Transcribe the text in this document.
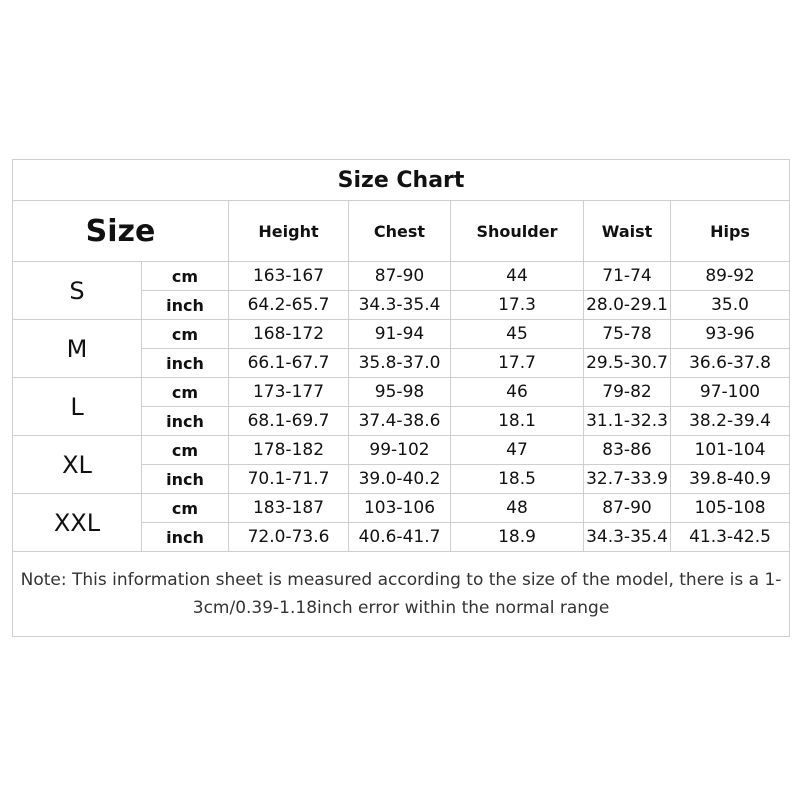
Size Chart						
Size		Height	Chest	Shoulder	Waist	Hips
S	cm	163-167	87-90	44	71-74	89-92
	inch	64.2-65.7	34.3-35.4	17.3	28.0-29.1	35.0
M	cm	168-172	91-94	45	75-78	93-96
	inch	66.1-67.7	35.8-37.0	17.7	29.5-30.7	36.6-37.8
L	cm	173-177	95-98	46	79-82	97-100
	inch	68.1-69.7	37.4-38.6	18.1	31.1-32.3	38.2-39.4
XL	cm	178-182	99-102	47	83-86	101-104
	inch	70.1-71.7	39.0-40.2	18.5	32.7-33.9	39.8-40.9
XXL	cm	183-187	103-106	48	87-90	105-108
	inch	72.0-73.6	40.6-41.7	18.9	34.3-35.4	41.3-42.5
Note: This information sheet is measured according to the size of the model, there is a 1-3cm/0.39-1.18inch error within the normal range						
